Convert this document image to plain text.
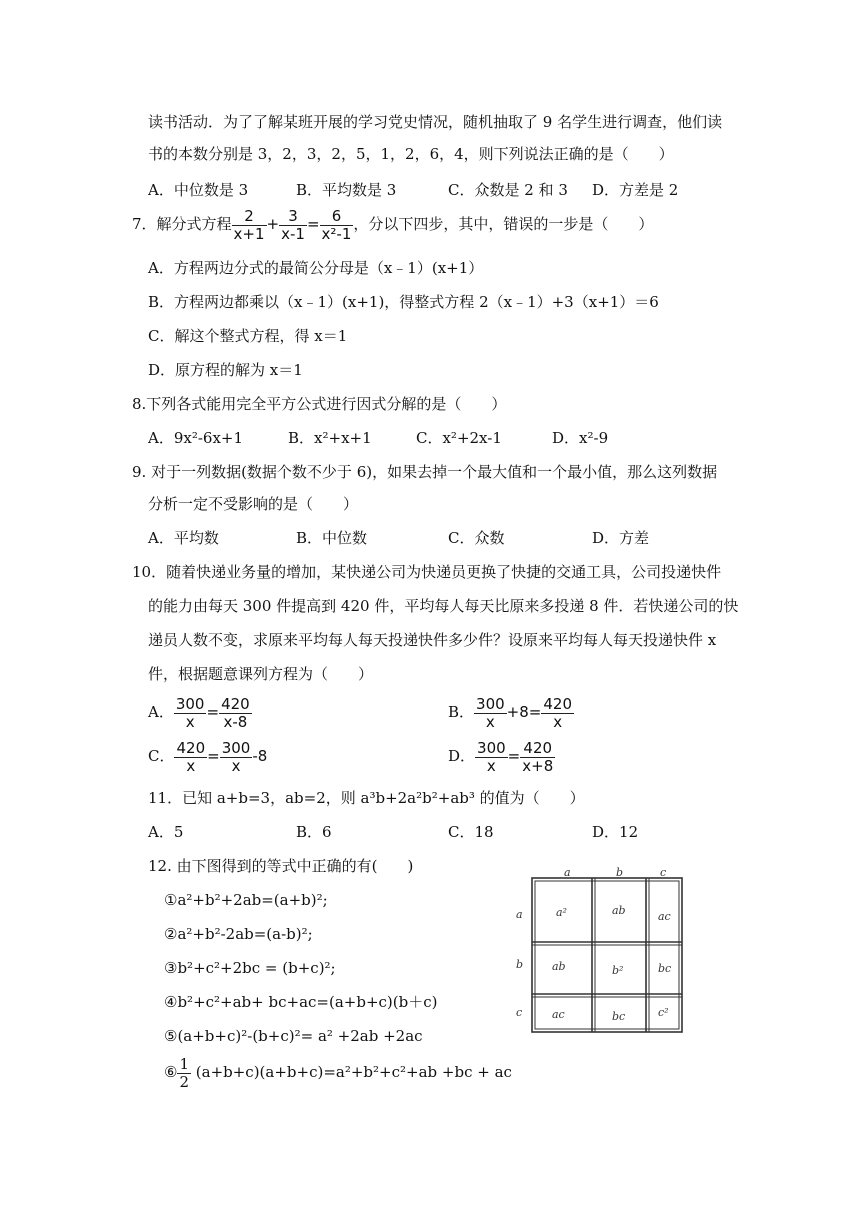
读书活动．为了了解某班开展的学习党史情况，随机抽取了 9 名学生进行调查，他们读
书的本数分别是 3，2，3，2，5，1，2，6，4，则下列说法正确的是（　　）
A．中位数是 3	B．平均数是 3	C．众数是 2 和 3 D．方差是 2
7．解分式方程 $\frac{2}{x+1} + \frac{3}{x-1} = \frac{6}{\text{x²-1}}$ ，分以下四步，其中，错误的一步是（　　）
A．方程两边分式的最简公分母是（x﹣1）(x+1）
B．方程两边都乘以（x﹣1）(x+1)，得整式方程 2（x﹣1）+3（x+1）＝6
C．解这个整式方程，得 x＝1
D．原方程的解为 x＝1
8.下列各式能用完全平方公式进行因式分解的是（　　）
A．9x²-6x+1	B．x²+x+1	C．x²+2x-1	D．x²-9
9. 对于一列数据(数据个数不少于 6)，如果去掉一个最大值和一个最小值，那么这列数据
分析一定不受影响的是（　　）
A．平均数	B．中位数	C．众数	D．方差
10．随着快递业务量的增加，某快递公司为快递员更换了快捷的交通工具，公司投递快件
的能力由每天 300 件提高到 420 件，平均每人每天比原来多投递 8 件．若快递公司的快
递员人数不变，求原来平均每人每天投递快件多少件？设原来平均每人每天投递快件 x
件，根据题意课列方程为（　　）
A． $\frac{300}{x} = \frac{420}{x-8}$	B． $\frac{300}{x} +8= \frac{420}{x}$
C． $\frac{420}{x} = \frac{300}{x} -8$	D． $\frac{300}{x} = \frac{420}{x+8}$
11．已知 a+b=3，ab=2，则 a³b+2a²b²+ab³ 的值为（　　）
A．5	B．6	C．18	D．12
12. 由下图得到的等式中正确的有(　　)
①a²+b²+2ab=(a+b)²;
②a²+b²-2ab=(a-b)²;
③b²+c²+2bc = (b+c)²;
④b²+c²+ab+ bc+ac=(a+b+c)(b＋c)
⑤(a+b+c)²-(b+c)²= a² +2ab +2ac
⑥ $\frac{1}{2} (a+b+c)(a+b+c)=a^2+b^2+c^2+ab +bc$ + ac
a	b	c
a
b
c
a²	ab	ac
ab	b²	bc
ac	bc	c²
